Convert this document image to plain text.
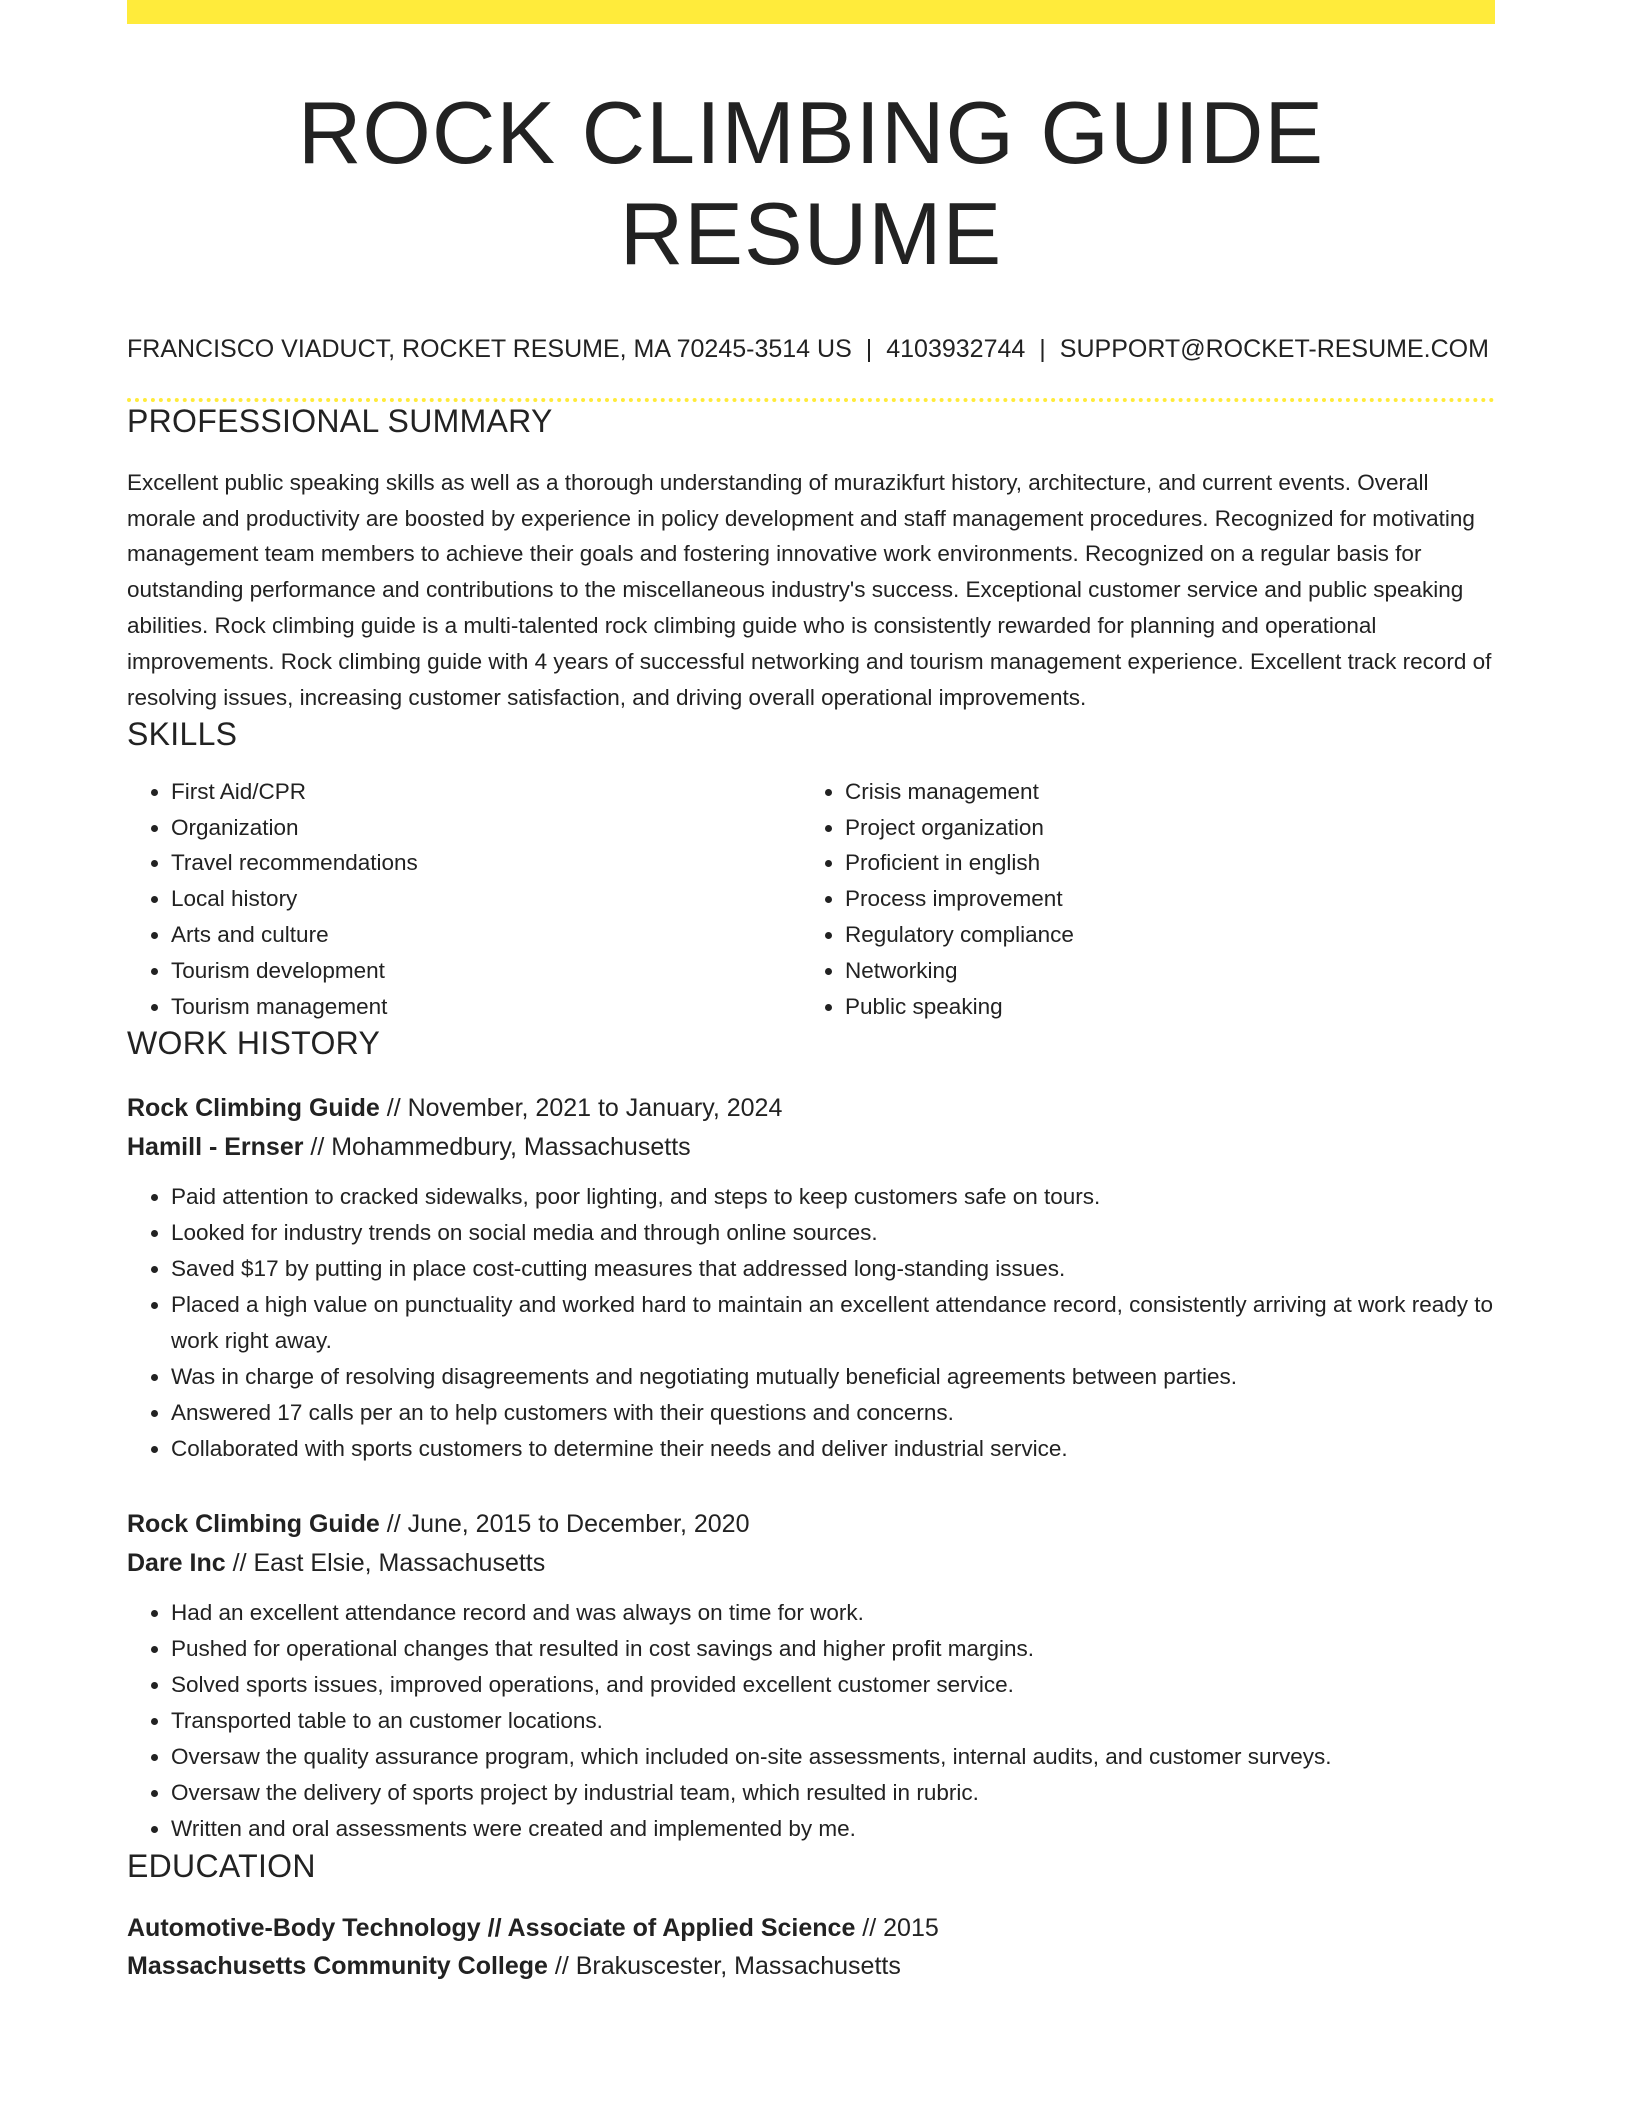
ROCK CLIMBING GUIDE RESUME
FRANCISCO VIADUCT, ROCKET RESUME, MA 70245-3514 US | 4103932744 | SUPPORT@ROCKET-RESUME.COM
PROFESSIONAL SUMMARY
Excellent public speaking skills as well as a thorough understanding of murazikfurt history, architecture, and current events. Overall morale and productivity are boosted by experience in policy development and staff management procedures. Recognized for motivating management team members to achieve their goals and fostering innovative work environments. Recognized on a regular basis for outstanding performance and contributions to the miscellaneous industry's success. Exceptional customer service and public speaking abilities. Rock climbing guide is a multi-talented rock climbing guide who is consistently rewarded for planning and operational improvements. Rock climbing guide with 4 years of successful networking and tourism management experience. Excellent track record of resolving issues, increasing customer satisfaction, and driving overall operational improvements.
SKILLS
• First Aid/CPR
• Organization
• Travel recommendations
• Local history
• Arts and culture
• Tourism development
• Tourism management
• Crisis management
• Project organization
• Proficient in english
• Process improvement
• Regulatory compliance
• Networking
• Public speaking
WORK HISTORY
Rock Climbing Guide // November, 2021 to January, 2024
Hamill - Ernser // Mohammedbury, Massachusetts
• Paid attention to cracked sidewalks, poor lighting, and steps to keep customers safe on tours.
• Looked for industry trends on social media and through online sources.
• Saved $17 by putting in place cost-cutting measures that addressed long-standing issues.
• Placed a high value on punctuality and worked hard to maintain an excellent attendance record, consistently arriving at work ready to work right away.
• Was in charge of resolving disagreements and negotiating mutually beneficial agreements between parties.
• Answered 17 calls per an to help customers with their questions and concerns.
• Collaborated with sports customers to determine their needs and deliver industrial service.
Rock Climbing Guide // June, 2015 to December, 2020
Dare Inc // East Elsie, Massachusetts
• Had an excellent attendance record and was always on time for work.
• Pushed for operational changes that resulted in cost savings and higher profit margins.
• Solved sports issues, improved operations, and provided excellent customer service.
• Transported table to an customer locations.
• Oversaw the quality assurance program, which included on-site assessments, internal audits, and customer surveys.
• Oversaw the delivery of sports project by industrial team, which resulted in rubric.
• Written and oral assessments were created and implemented by me.
EDUCATION
Automotive-Body Technology // Associate of Applied Science // 2015
Massachusetts Community College // Brakuscester, Massachusetts
